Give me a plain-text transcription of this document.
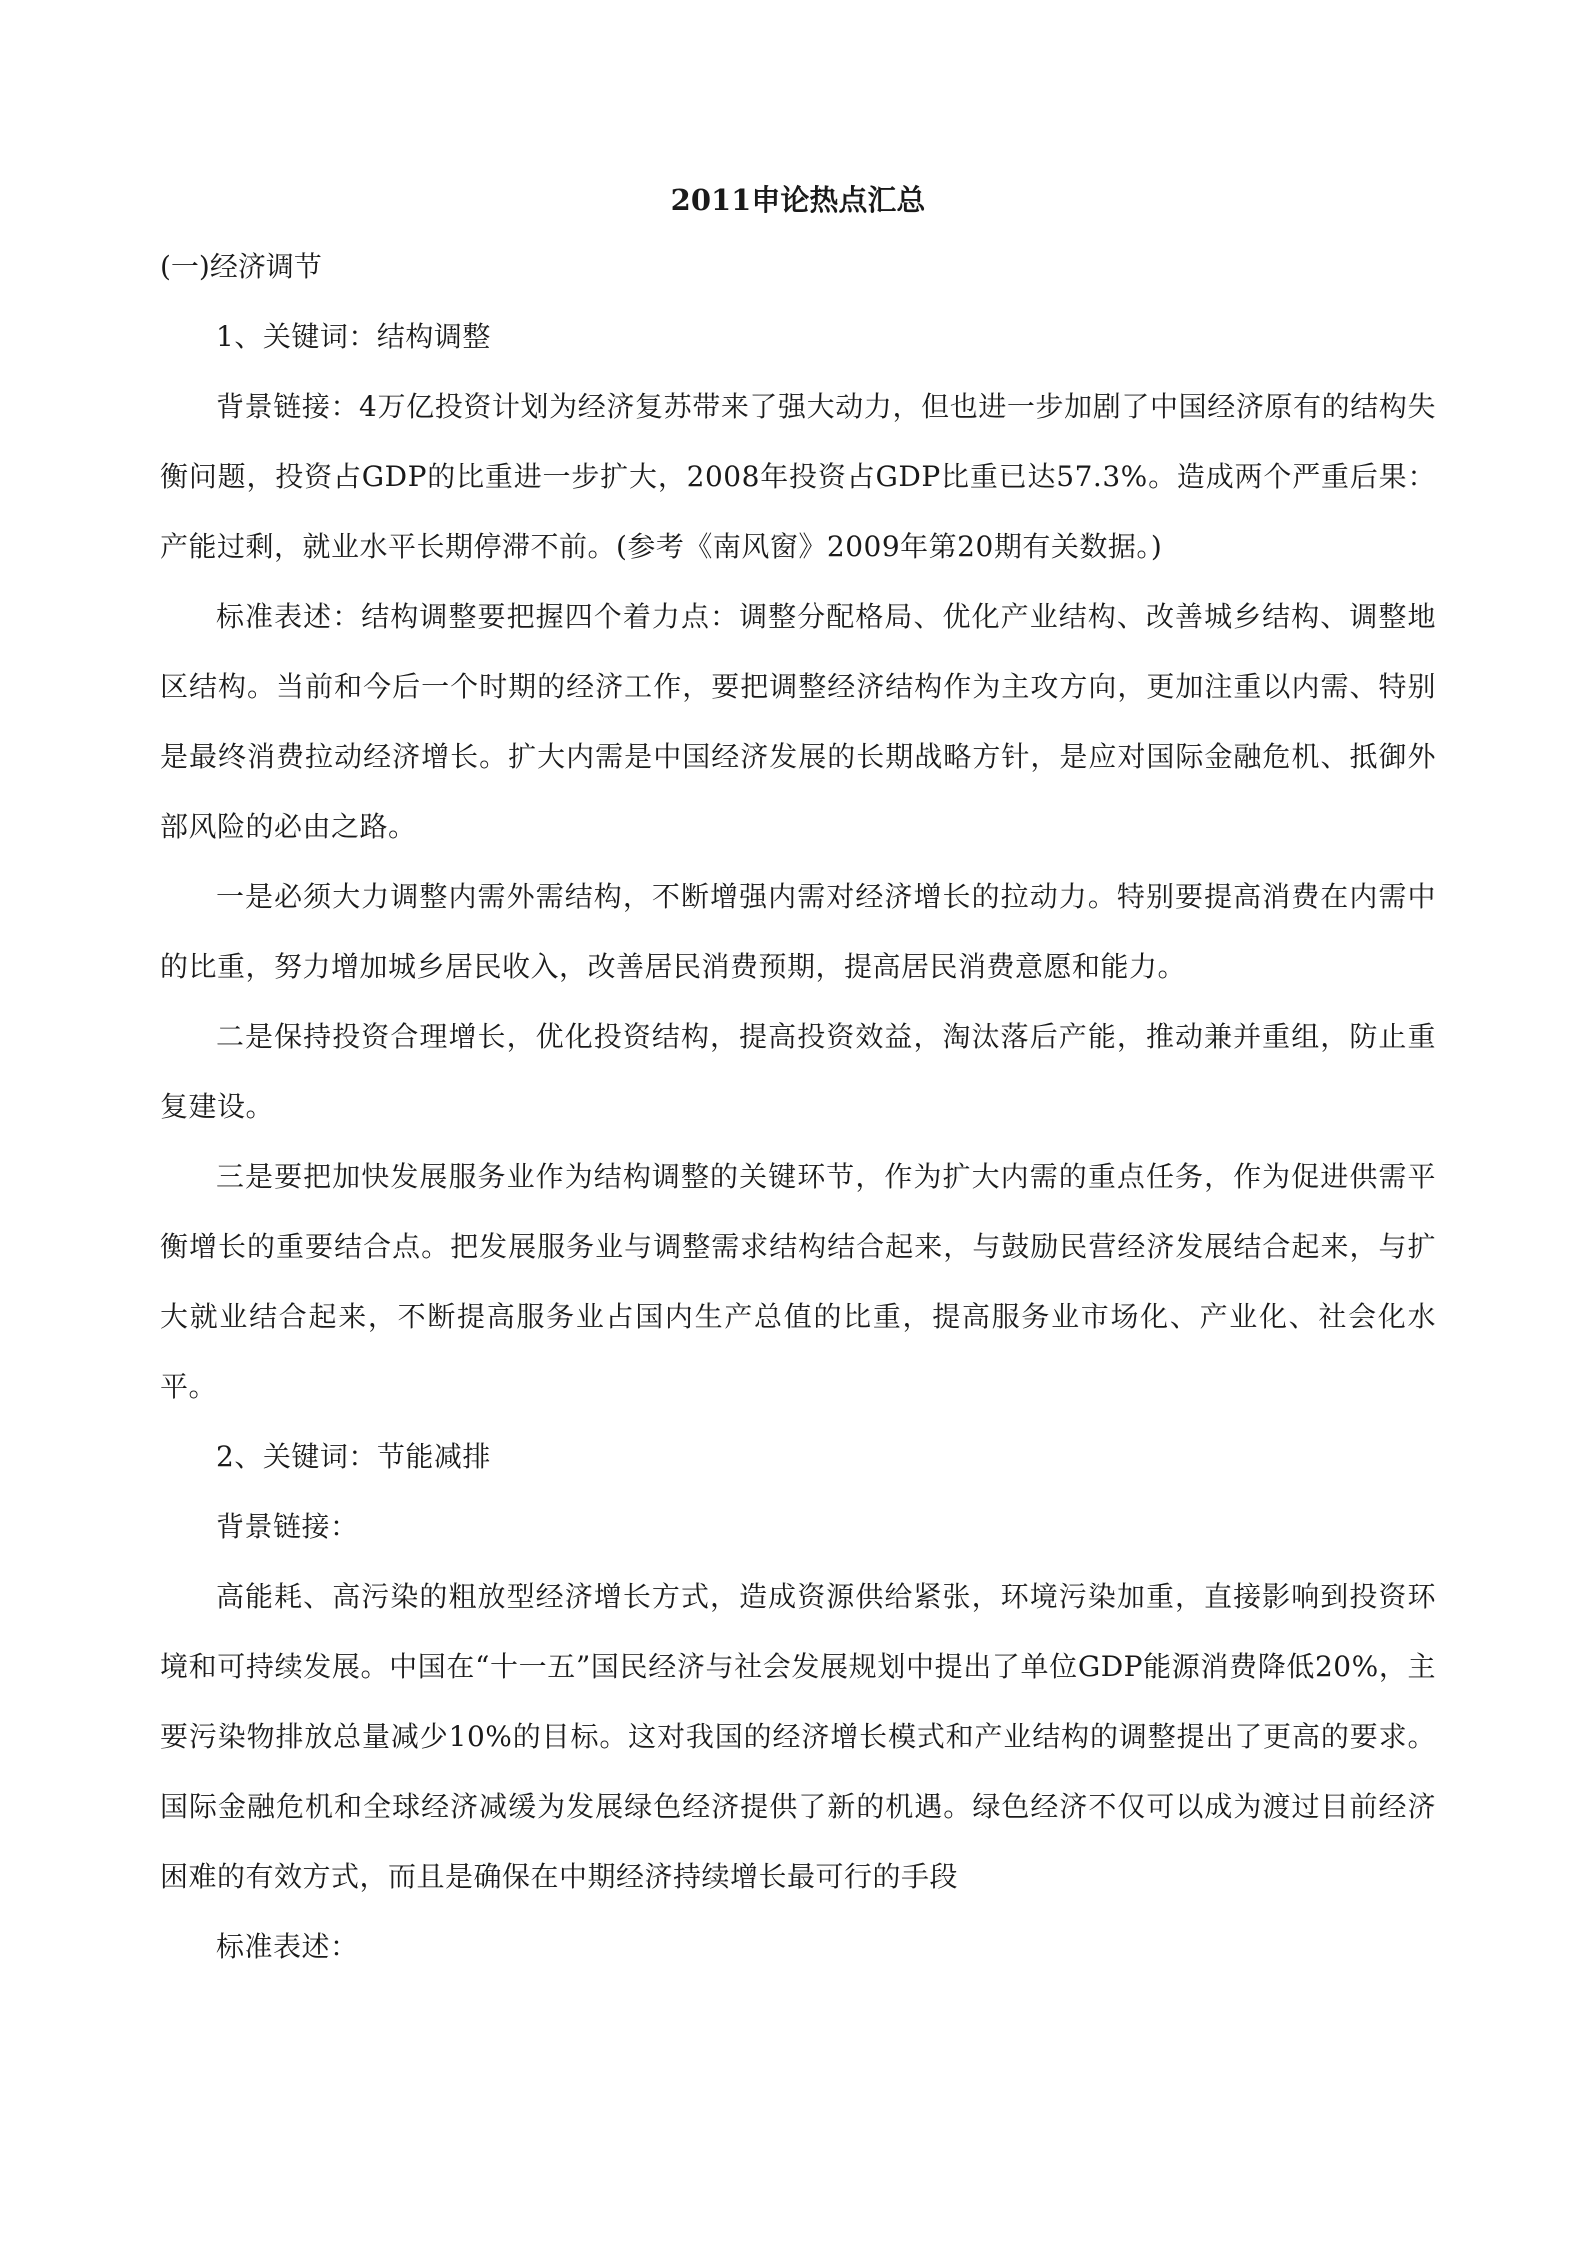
2011申论热点汇总

(一)经济调节

1、关键词：结构调整

背景链接：4万亿投资计划为经济复苏带来了强大动力，但也进一步加剧了中国经济原有的结构失衡问题，投资占GDP的比重进一步扩大，2008年投资占GDP比重已达57.3%。造成两个严重后果：产能过剩，就业水平长期停滞不前。(参考《南风窗》2009年第20期有关数据。)

标准表述：结构调整要把握四个着力点：调整分配格局、优化产业结构、改善城乡结构、调整地区结构。当前和今后一个时期的经济工作，要把调整经济结构作为主攻方向，更加注重以内需、特别是最终消费拉动经济增长。扩大内需是中国经济发展的长期战略方针，是应对国际金融危机、抵御外部风险的必由之路。

一是必须大力调整内需外需结构，不断增强内需对经济增长的拉动力。特别要提高消费在内需中的比重，努力增加城乡居民收入，改善居民消费预期，提高居民消费意愿和能力。

二是保持投资合理增长，优化投资结构，提高投资效益，淘汰落后产能，推动兼并重组，防止重复建设。

三是要把加快发展服务业作为结构调整的关键环节，作为扩大内需的重点任务，作为促进供需平衡增长的重要结合点。把发展服务业与调整需求结构结合起来，与鼓励民营经济发展结合起来，与扩大就业结合起来，不断提高服务业占国内生产总值的比重，提高服务业市场化、产业化、社会化水平。

2、关键词：节能减排

背景链接：

高能耗、高污染的粗放型经济增长方式，造成资源供给紧张，环境污染加重，直接影响到投资环境和可持续发展。中国在“十一五”国民经济与社会发展规划中提出了单位GDP能源消费降低20%，主要污染物排放总量减少10%的目标。这对我国的经济增长模式和产业结构的调整提出了更高的要求。国际金融危机和全球经济减缓为发展绿色经济提供了新的机遇。绿色经济不仅可以成为渡过目前经济困难的有效方式，而且是确保在中期经济持续增长最可行的手段

标准表述：
